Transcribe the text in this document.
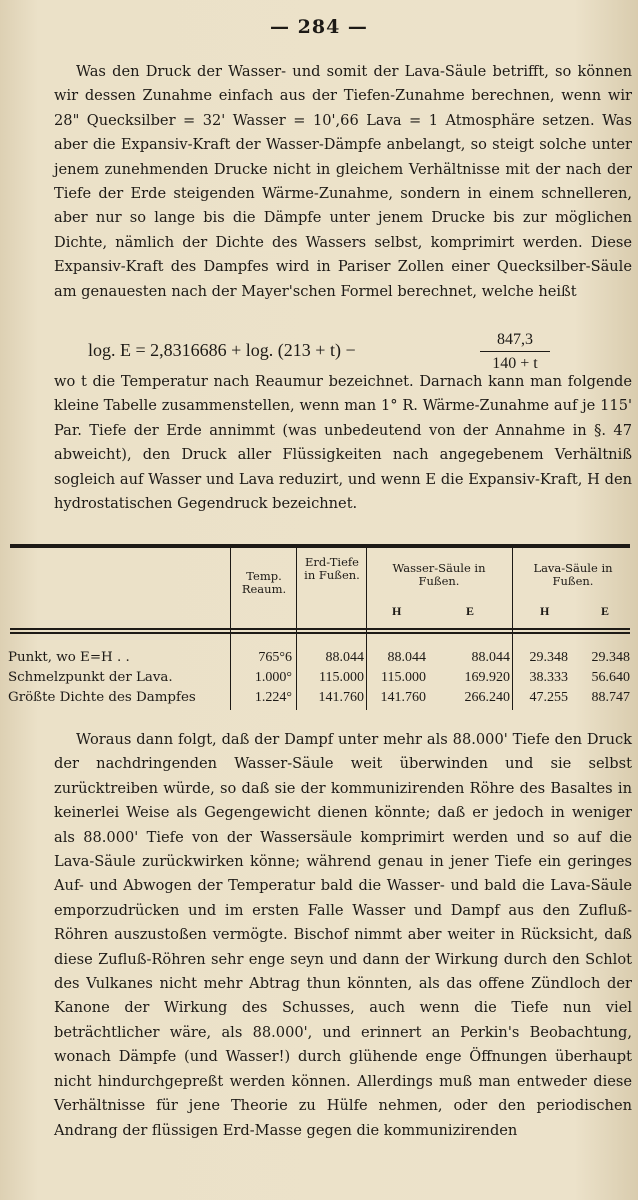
— 284 —
Was den Druck der Wasser- und somit der Lava-Säule betrifft, so können wir dessen Zunahme einfach aus der Tiefen-Zunahme berechnen, wenn wir 28" Quecksilber = 32' Wasser = 10',66 Lava = 1 Atmosphäre setzen. Was aber die Expansiv-Kraft der Wasser-Dämpfe anbelangt, so steigt solche unter jenem zunehmenden Drucke nicht in gleichem Verhältnisse mit der nach der Tiefe der Erde steigenden Wärme-Zunahme, sondern in einem schnelleren, aber nur so lange bis die Dämpfe unter jenem Drucke bis zur möglichen Dichte, nämlich der Dichte des Wassers selbst, komprimirt werden. Diese Expansiv-Kraft des Dampfes wird in Pariser Zollen einer Quecksilber-Säule am genauesten nach der Mayer'schen Formel berechnet, welche heißt
log. E = 2,8316686 + log. (213 + t) −
847,3
140 + t
wo t die Temperatur nach Reaumur bezeichnet. Darnach kann man folgende kleine Tabelle zusammenstellen, wenn man 1° R. Wärme-Zunahme auf je 115' Par. Tiefe der Erde annimmt (was unbedeutend von der Annahme in §. 47 abweicht), den Druck aller Flüssigkeiten nach angegebenem Verhältniß sogleich auf Wasser und Lava reduzirt, und wenn E die Expansiv-Kraft, H den hydrostatischen Gegendruck bezeichnet.
Temp. Reaum.
Erd-Tiefe in Fußen.	Wasser-Säule in Fußen.
Lava-Säule in Fußen.
H	E	H	E
Punkt, wo E=H . .	765°6	88.044	88.044	88.044	29.348	29.348
Schmelzpunkt der Lava.	1.000°	115.000	115.000	169.920	38.333	56.640
Größte Dichte des Dampfes	1.224°	141.760	141.760	266.240	47.255	88.747
Woraus dann folgt, daß der Dampf unter mehr als 88.000' Tiefe den Druck der nachdringenden Wasser-Säule weit überwinden und sie selbst zurücktreiben würde, so daß sie der kommunizirenden Röhre des Basaltes in keinerlei Weise als Gegengewicht dienen könnte; daß er jedoch in weniger als 88.000' Tiefe von der Wassersäule komprimirt werden und so auf die Lava-Säule zurückwirken könne; während genau in jener Tiefe ein geringes Auf- und Abwogen der Temperatur bald die Wasser- und bald die Lava-Säule emporzudrücken und im ersten Falle Wasser und Dampf aus den Zufluß-Röhren auszustoßen vermögte. Bischof nimmt aber weiter in Rücksicht, daß diese Zufluß-Röhren sehr enge seyn und dann der Wirkung durch den Schlot des Vulkanes nicht mehr Abtrag thun könnten, als das offene Zündloch der Kanone der Wirkung des Schusses, auch wenn die Tiefe nun viel beträchtlicher wäre, als 88.000', und erinnert an Perkin's Beobachtung, wonach Dämpfe (und Wasser!) durch glühende enge Öffnungen überhaupt nicht hindurchgepreßt werden können. Allerdings muß man entweder diese Verhältnisse für jene Theorie zu Hülfe nehmen, oder den periodischen Andrang der flüssigen Erd-Masse gegen die kommunizirenden
